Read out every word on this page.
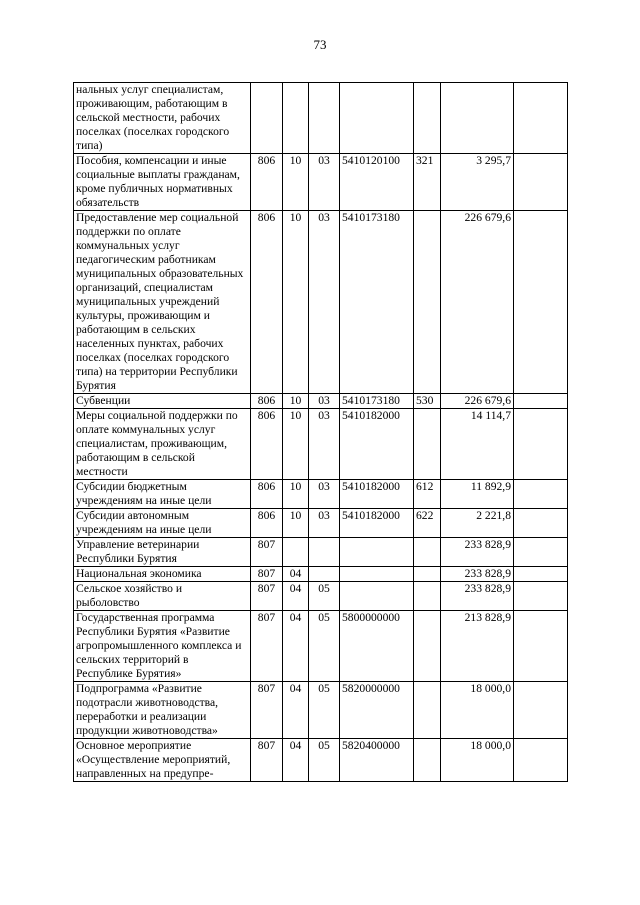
73
нальных услуг специалистам, проживающим, работающим в сельской местности, рабочих поселках (поселках городского типа)							
Пособия, компенсации и иные социальные выплаты гражданам, кроме публичных нормативных обязательств	806	10	03	5410120100	321	3 295,7	
Предоставление мер социальной поддержки по оплате коммунальных услуг педагогическим работникам муниципальных образовательных организаций, специалистам муниципальных учреждений культуры, проживающим и работающим в сельских населенных пунктах, рабочих поселках (поселках городского типа) на территории Республики Бурятия	806	10	03	5410173180		226 679,6	
Субвенции	806	10	03	5410173180	530	226 679,6	
Меры социальной поддержки по оплате коммунальных услуг специалистам, проживающим, работающим в сельской местности	806	10	03	5410182000		14 114,7	
Субсидии бюджетным учреждениям на иные цели	806	10	03	5410182000	612	11 892,9	
Субсидии автономным учреждениям на иные цели	806	10	03	5410182000	622	2 221,8	
Управление ветеринарии Республики Бурятия	807					233 828,9	
Национальная экономика	807	04				233 828,9	
Сельское хозяйство и рыболовство	807	04	05			233 828,9	
Государственная программа Республики Бурятия «Развитие агропромышленного комплекса и сельских территорий в Республике Бурятия»	807	04	05	5800000000		213 828,9	
Подпрограмма «Развитие подотрасли животноводства, переработки и реализации продукции животноводства»	807	04	05	5820000000		18 000,0	
Основное мероприятие «Осуществление мероприятий, направленных на предупре-	807	04	05	5820400000		18 000,0	
